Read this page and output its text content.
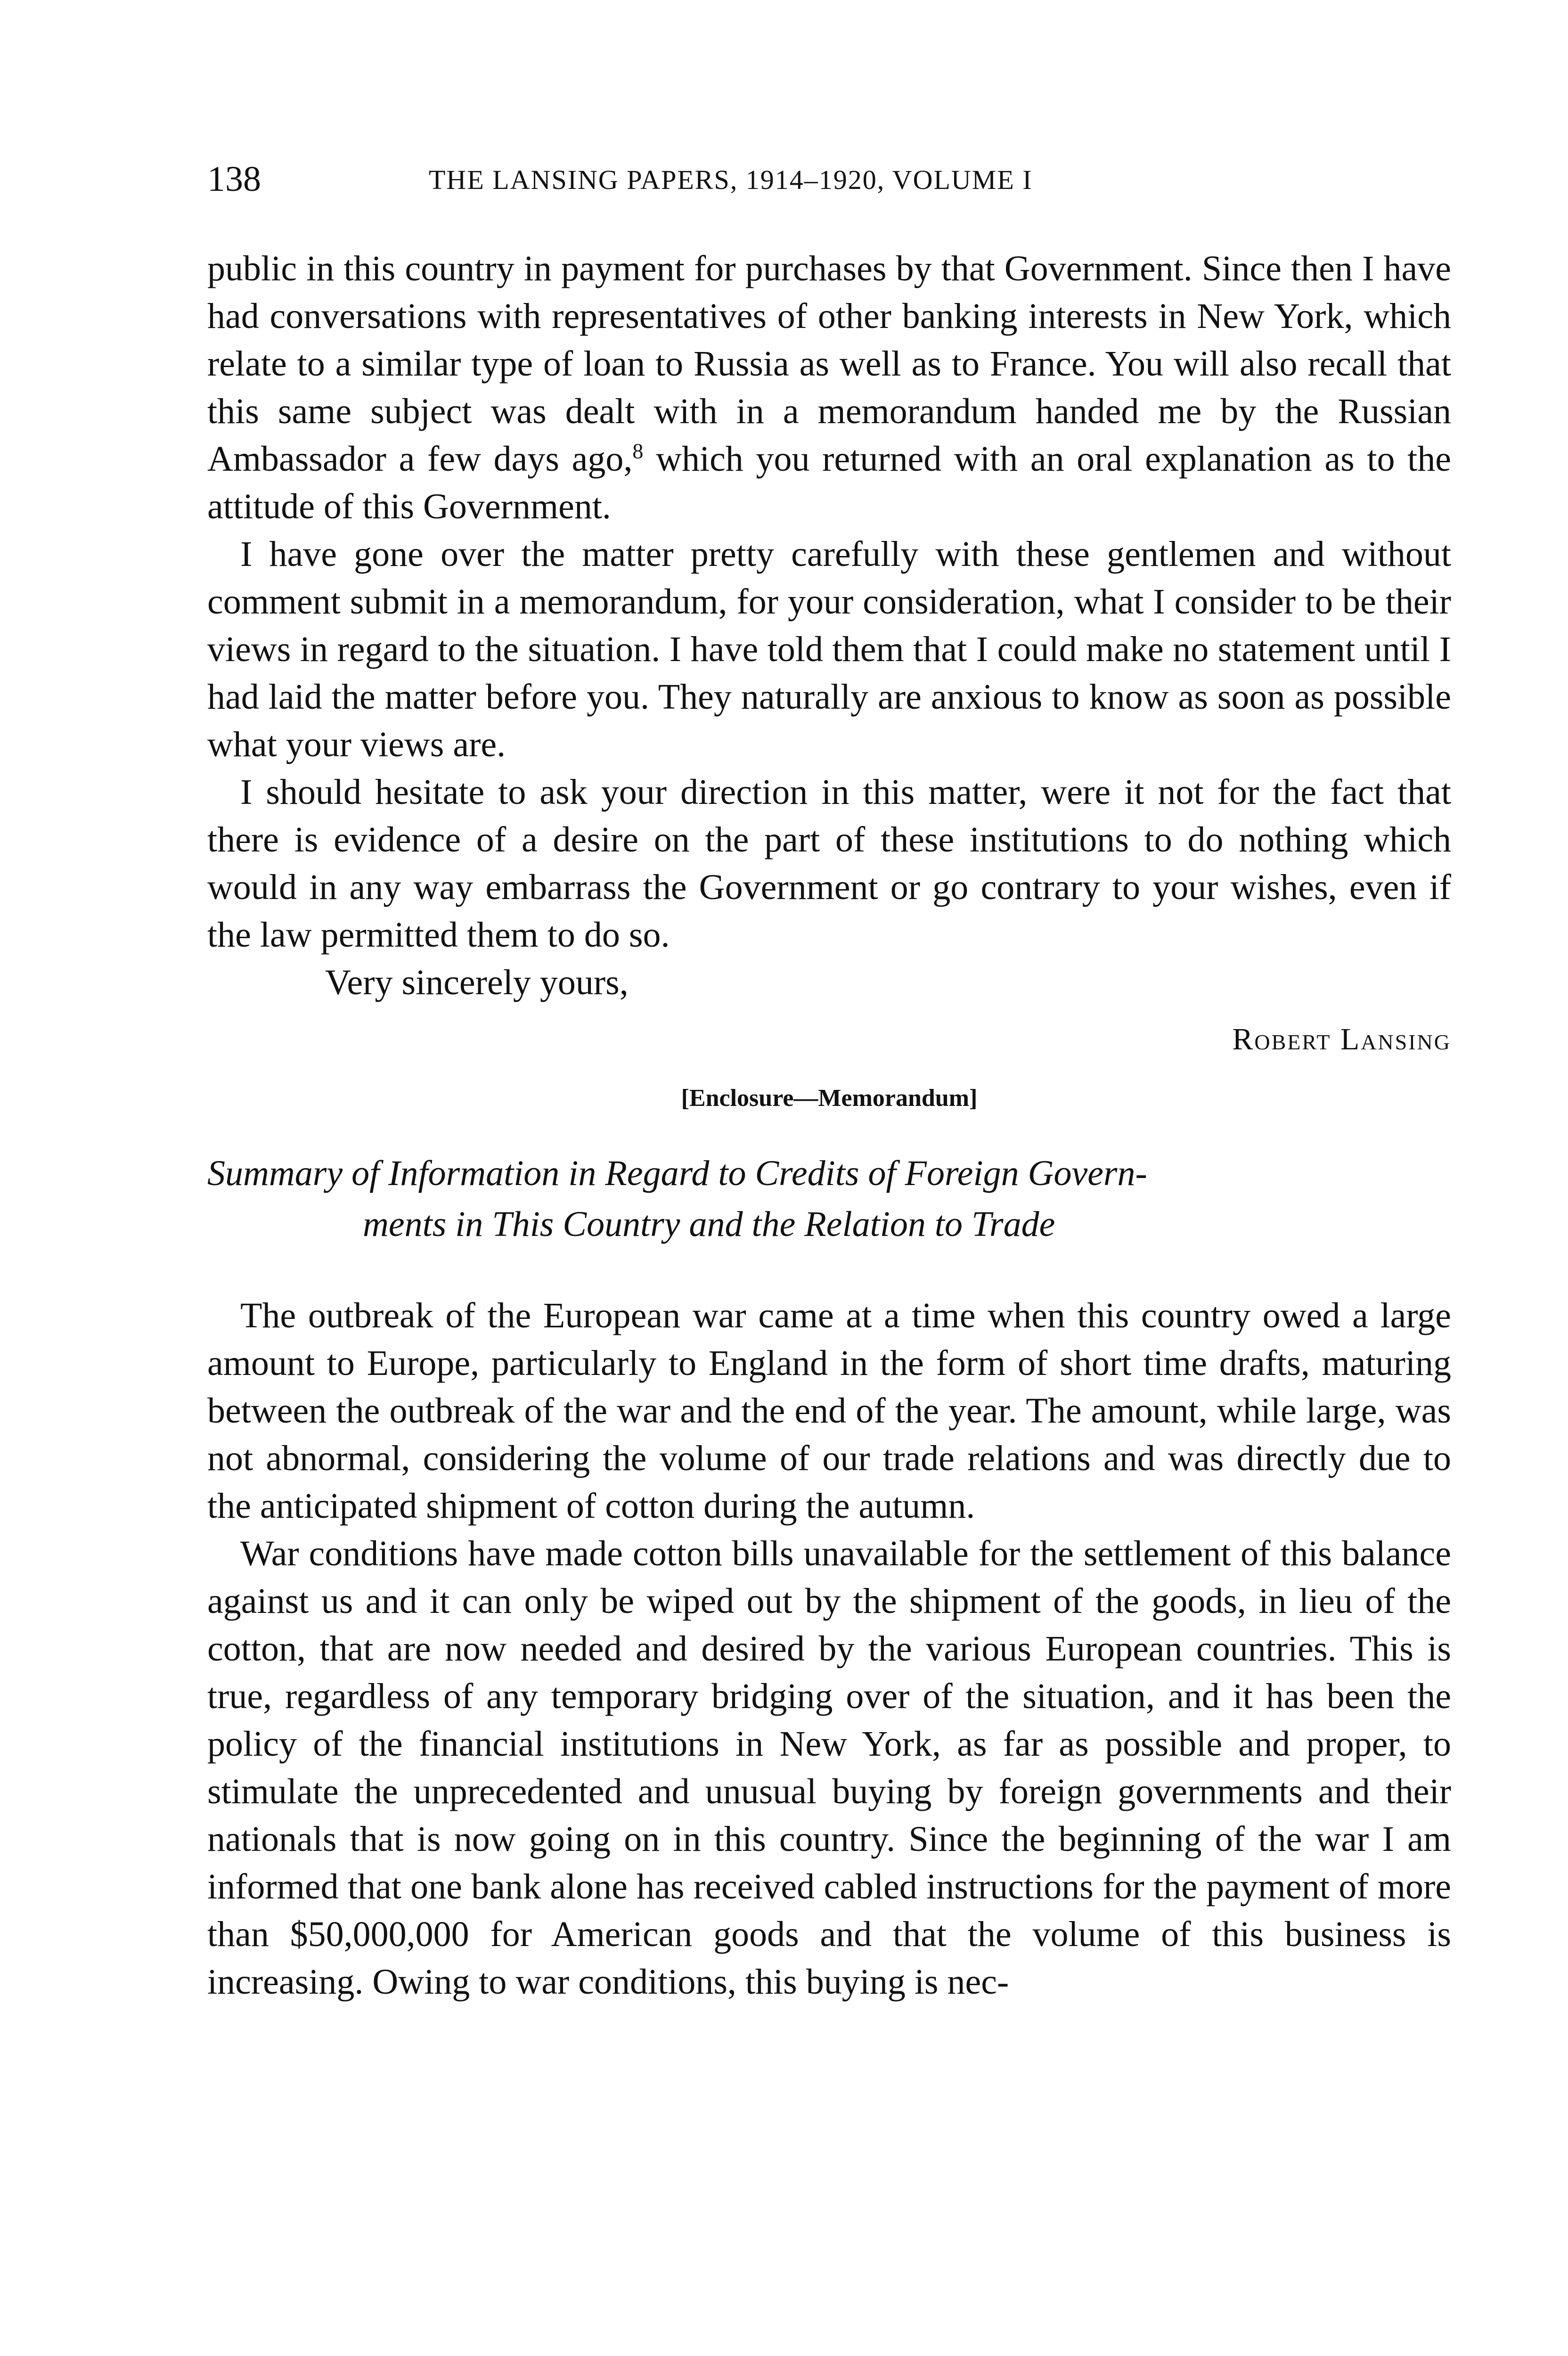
138	THE LANSING PAPERS, 1914–1920, VOLUME I

public in this country in payment for purchases by that Government. Since then I have had conversations with representatives of other banking interests in New York, which relate to a similar type of loan to Russia as well as to France. You will also recall that this same subject was dealt with in a memorandum handed me by the Russian Ambassador a few days ago,$^8$ which you returned with an oral explanation as to the attitude of this Government.

I have gone over the matter pretty carefully with these gentlemen and without comment submit in a memorandum, for your consideration, what I consider to be their views in regard to the situation. I have told them that I could make no statement until I had laid the matter before you. They naturally are anxious to know as soon as possible what your views are.

I should hesitate to ask your direction in this matter, were it not for the fact that there is evidence of a desire on the part of these institutions to do nothing which would in any way embarrass the Government or go contrary to your wishes, even if the law permitted them to do so.

Very sincerely yours,

Robert Lansing

[Enclosure—Memorandum]

Summary of Information in Regard to Credits of Foreign Govern-
ments in This Country and the Relation to Trade

The outbreak of the European war came at a time when this country owed a large amount to Europe, particularly to England in the form of short time drafts, maturing between the outbreak of the war and the end of the year. The amount, while large, was not abnormal, considering the volume of our trade relations and was directly due to the anticipated shipment of cotton during the autumn.

War conditions have made cotton bills unavailable for the settlement of this balance against us and it can only be wiped out by the shipment of the goods, in lieu of the cotton, that are now needed and desired by the various European countries. This is true, regardless of any temporary bridging over of the situation, and it has been the policy of the financial institutions in New York, as far as possible and proper, to stimulate the unprecedented and unusual buying by foreign governments and their nationals that is now going on in this country. Since the beginning of the war I am informed that one bank alone has received cabled instructions for the payment of more than $50,000,000 for American goods and that the volume of this business is increasing. Owing to war conditions, this buying is nec-
